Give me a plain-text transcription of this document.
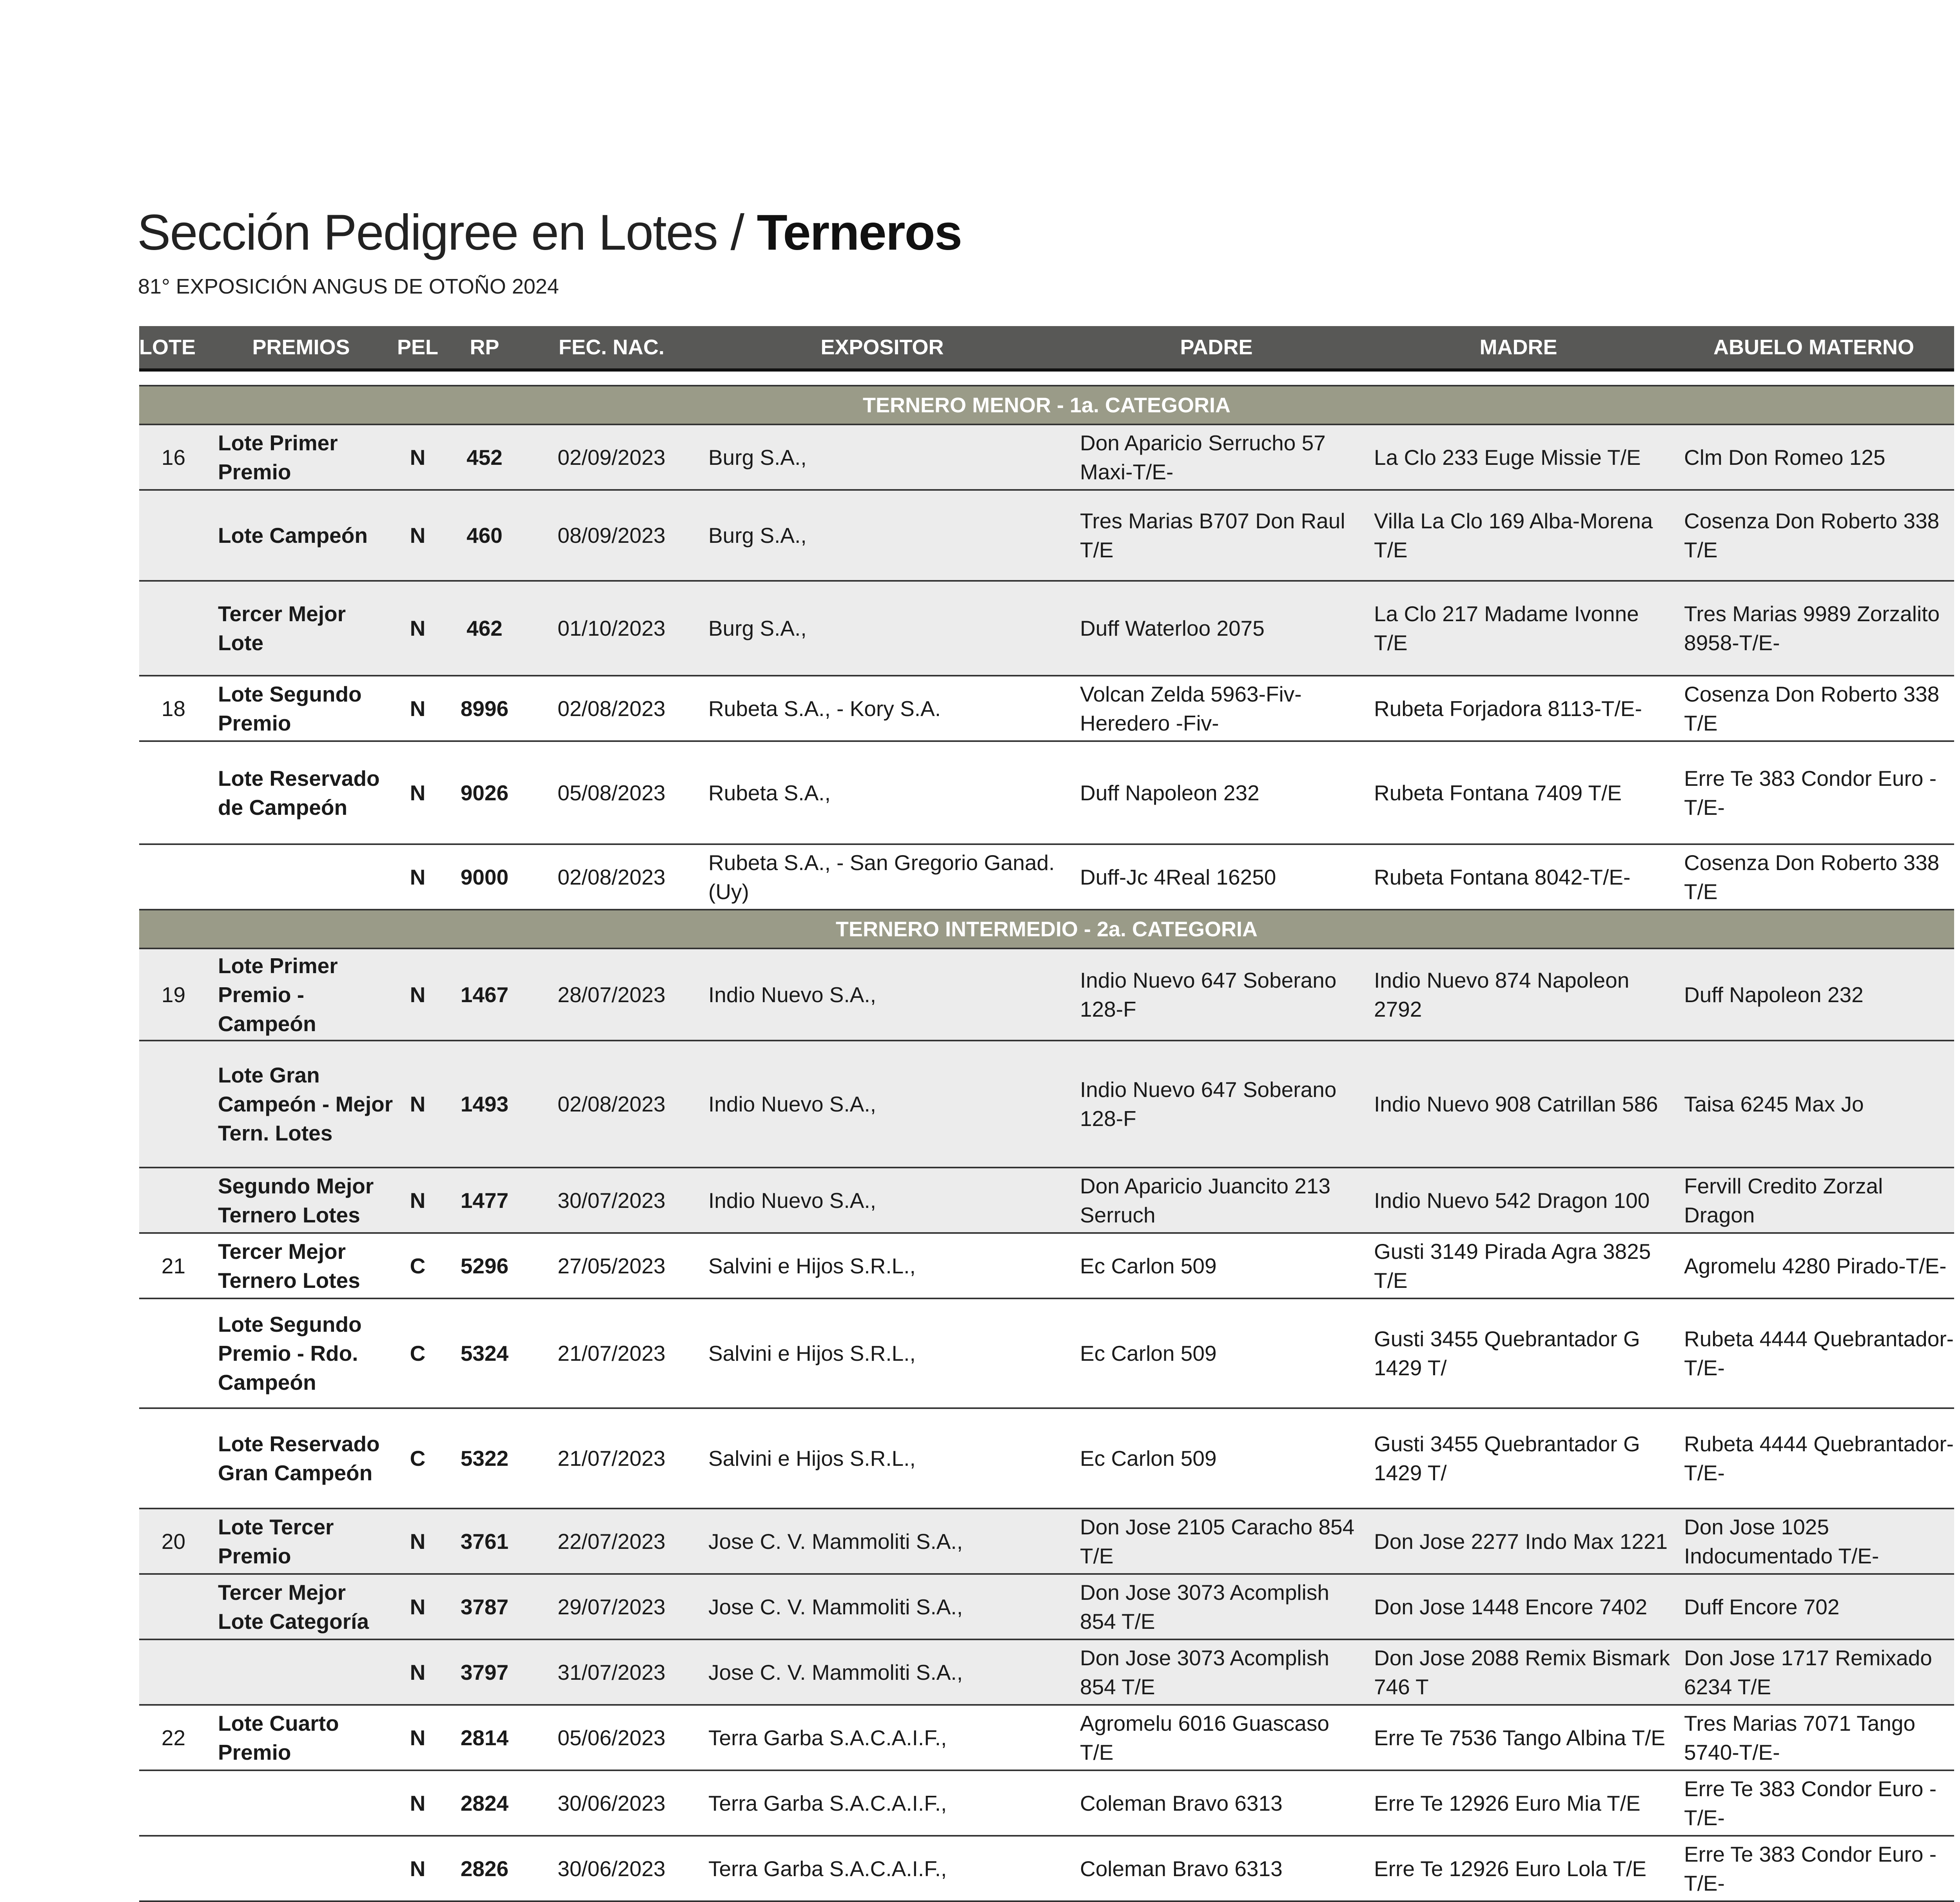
Sección Pedigree en Lotes / Terneros
81° EXPOSICIÓN ANGUS DE OTOÑO 2024
LOTE	PREMIOS	PEL	RP	FEC. NAC.	EXPOSITOR	PADRE	MADRE	ABUELO MATERNO

TERNERO MENOR - 1a. CATEGORIA								
16	Lote Primer Premio	N	452	02/09/2023	Burg S.A.,	Don Aparicio Serrucho 57 Maxi-T/E-	La Clo 233 Euge Missie T/E	Clm Don Romeo 125
	Lote Campeón	N	460	08/09/2023	Burg S.A.,	Tres Marias B707 Don Raul T/E	Villa La Clo 169 Alba-Morena T/E	Cosenza Don Roberto 338 T/E
	Tercer Mejor Lote	N	462	01/10/2023	Burg S.A.,	Duff Waterloo 2075	La Clo 217 Madame Ivonne T/E	Tres Marias 9989 Zorzalito 8958-T/E-
18	Lote Segundo Premio	N	8996	02/08/2023	Rubeta S.A., - Kory S.A.	Volcan Zelda 5963-Fiv-Heredero -Fiv-	Rubeta Forjadora 8113-T/E-	Cosenza Don Roberto 338 T/E
	Lote Reservado de Campeón	N	9026	05/08/2023	Rubeta S.A.,	Duff Napoleon 232	Rubeta Fontana 7409 T/E	Erre Te 383 Condor Euro -T/E-
		N	9000	02/08/2023	Rubeta S.A., - San Gregorio Ganad. (Uy)	Duff-Jc 4Real 16250	Rubeta Fontana 8042-T/E-	Cosenza Don Roberto 338 T/E
TERNERO INTERMEDIO - 2a. CATEGORIA								
19	Lote Primer Premio - Campeón	N	1467	28/07/2023	Indio Nuevo S.A.,	Indio Nuevo 647 Soberano 128-F	Indio Nuevo 874 Napoleon 2792	Duff Napoleon 232
	Lote Gran Campeón - Mejor Tern. Lotes	N	1493	02/08/2023	Indio Nuevo S.A.,	Indio Nuevo 647 Soberano 128-F	Indio Nuevo 908 Catrillan 586	Taisa 6245 Max Jo
	Segundo Mejor Ternero Lotes	N	1477	30/07/2023	Indio Nuevo S.A.,	Don Aparicio Juancito 213 Serruch	Indio Nuevo 542 Dragon 100	Fervill Credito Zorzal Dragon
21	Tercer Mejor Ternero Lotes	C	5296	27/05/2023	Salvini e Hijos S.R.L.,	Ec Carlon 509	Gusti 3149 Pirada Agra 3825 T/E	Agromelu 4280 Pirado-T/E-
	Lote Segundo Premio - Rdo. Campeón	C	5324	21/07/2023	Salvini e Hijos S.R.L.,	Ec Carlon 509	Gusti 3455 Quebrantador G 1429 T/	Rubeta 4444 Quebrantador-T/E-
	Lote Reservado Gran Campeón	C	5322	21/07/2023	Salvini e Hijos S.R.L.,	Ec Carlon 509	Gusti 3455 Quebrantador G 1429 T/	Rubeta 4444 Quebrantador-T/E-
20	Lote Tercer Premio	N	3761	22/07/2023	Jose C. V. Mammoliti S.A.,	Don Jose 2105 Caracho 854 T/E	Don Jose 2277 Indo Max 1221	Don Jose 1025 Indocumentado T/E-
	Tercer Mejor Lote Categoría	N	3787	29/07/2023	Jose C. V. Mammoliti S.A.,	Don Jose 3073 Acomplish 854 T/E	Don Jose 1448 Encore 7402	Duff Encore 702
		N	3797	31/07/2023	Jose C. V. Mammoliti S.A.,	Don Jose 3073 Acomplish 854 T/E	Don Jose 2088 Remix Bismark 746 T	Don Jose 1717 Remixado 6234 T/E
22	Lote Cuarto Premio	N	2814	05/06/2023	Terra Garba S.A.C.A.I.F.,	Agromelu 6016 Guascaso T/E	Erre Te 7536 Tango Albina T/E	Tres Marias 7071 Tango 5740-T/E-
		N	2824	30/06/2023	Terra Garba S.A.C.A.I.F.,	Coleman Bravo 6313	Erre Te 12926 Euro Mia T/E	Erre Te 383 Condor Euro -T/E-
		N	2826	30/06/2023	Terra Garba S.A.C.A.I.F.,	Coleman Bravo 6313	Erre Te 12926 Euro Lola T/E	Erre Te 383 Condor Euro -T/E-
